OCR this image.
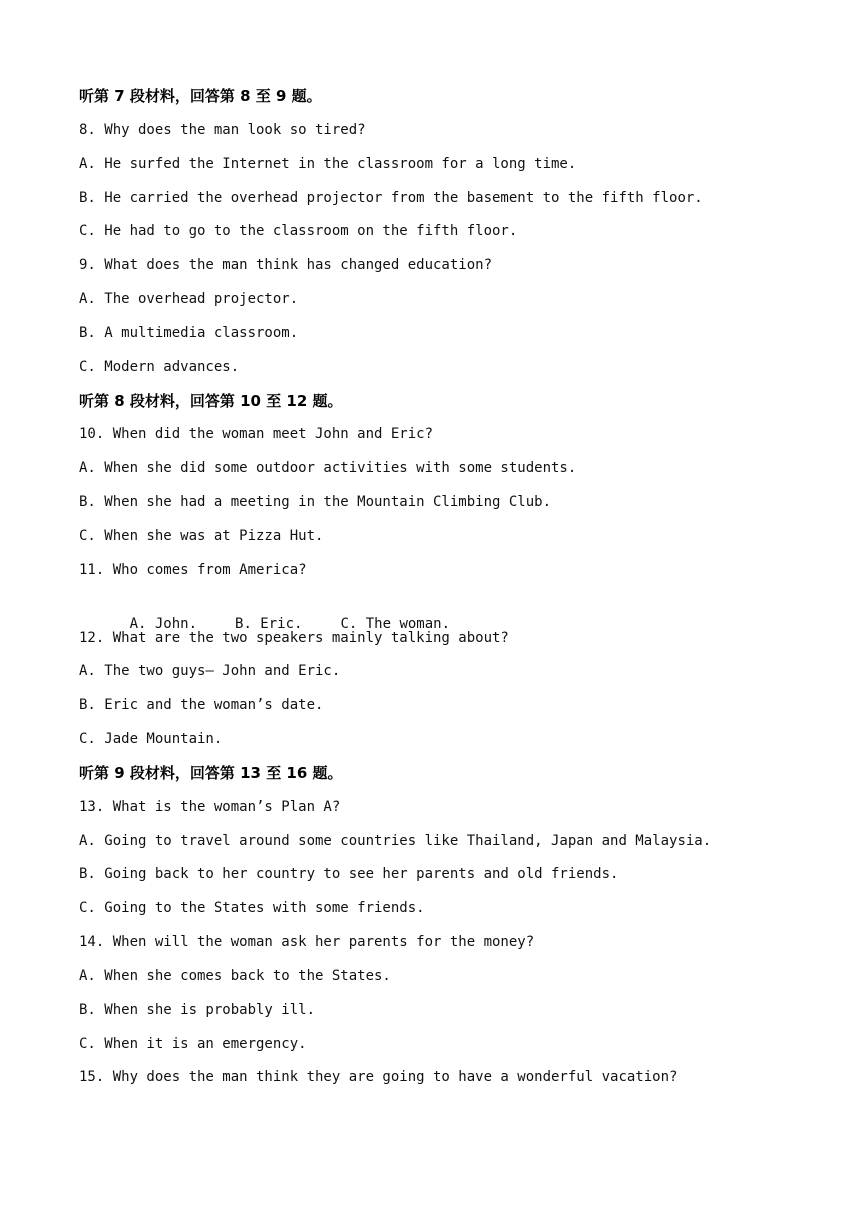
听第 7 段材料，回答第 8 至 9 题。
8. Why does the man look so tired?
A. He surfed the Internet in the classroom for a long time.
B. He carried the overhead projector from the basement to the fifth floor.
C. He had to go to the classroom on the fifth floor.
9. What does the man think has changed education?
A. The overhead projector.
B. A multimedia classroom.
C. Modern advances.
听第 8 段材料，回答第 10 至 12 题。
10. When did the woman meet John and Eric?
A. When she did some outdoor activities with some students.
B. When she had a meeting in the Mountain Climbing Club.
C. When she was at Pizza Hut.
11. Who comes from America?

A. John.	B. Eric.	C. The woman.

12. What are the two speakers mainly talking about?
A. The two guys— John and Eric.
B. Eric and the woman’s date.
C. Jade Mountain.
听第 9 段材料，回答第 13 至 16 题。
13. What is the woman’s Plan A?
A. Going to travel around some countries like Thailand, Japan and Malaysia.
B. Going back to her country to see her parents and old friends.
C. Going to the States with some friends.
14. When will the woman ask her parents for the money?
A. When she comes back to the States.
B. When she is probably ill.
C. When it is an emergency.
15. Why does the man think they are going to have a wonderful vacation?
